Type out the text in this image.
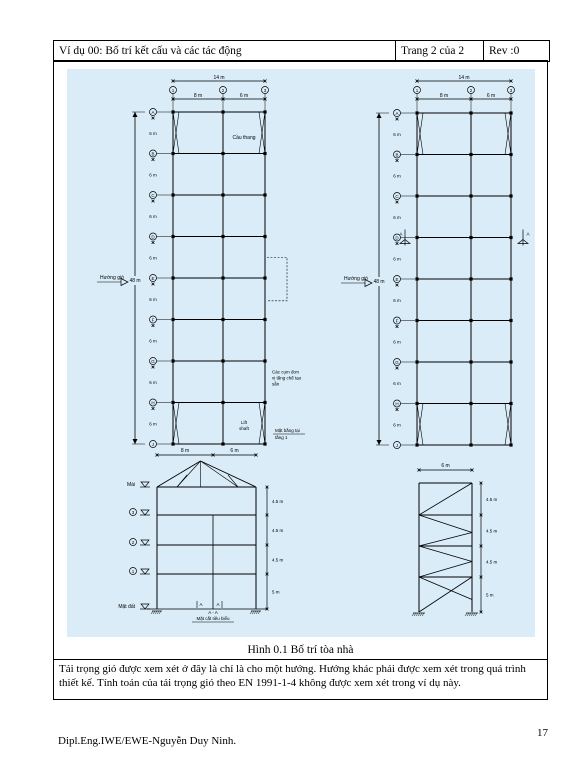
Ví dụ 00: Bố trí kết cấu và các tác động	Trang 2 của 2	Rev :0
14 m
8 m	6 m
1	2	3
A
6 m
B
6 m
C
6 m
D
6 m
E
6 m
F
6 m
G
6 m
H
6 m
J
48 m
Hướng gió
Cầu thang
Các cụm đơn
vị tầng chế tạo
sẵn
Lift
shaft	Mặt bằng tại
tầng 1
14 m
8 m	6 m
1	2	3
A
6 m
B
6 m
C
6 m
D
6 m
E
6 m
F
6 m
G
6 m
H
6 m
J
48 m
Hướng gió
A	A
8 m	6 m
Mái
3
2
1
Mặt đất
4.5 m
4.5 m
4.5 m
5 m
A	A
A - A
Mặt cắt tiêu biểu
6 m
4.5 m
4.5 m
4.5 m
5 m
Hình 0.1 Bố trí tòa nhà
Tải trọng gió được xem xét ở đây là chỉ là cho một hướng. Hướng khác phải được xem xét trong quá trình thiết kế. Tính toán của tải trọng gió theo EN 1991-1-4 không được xem xét trong ví dụ này.
Dipl.Eng.IWE/EWE-Nguyễn Duy Ninh.
17
